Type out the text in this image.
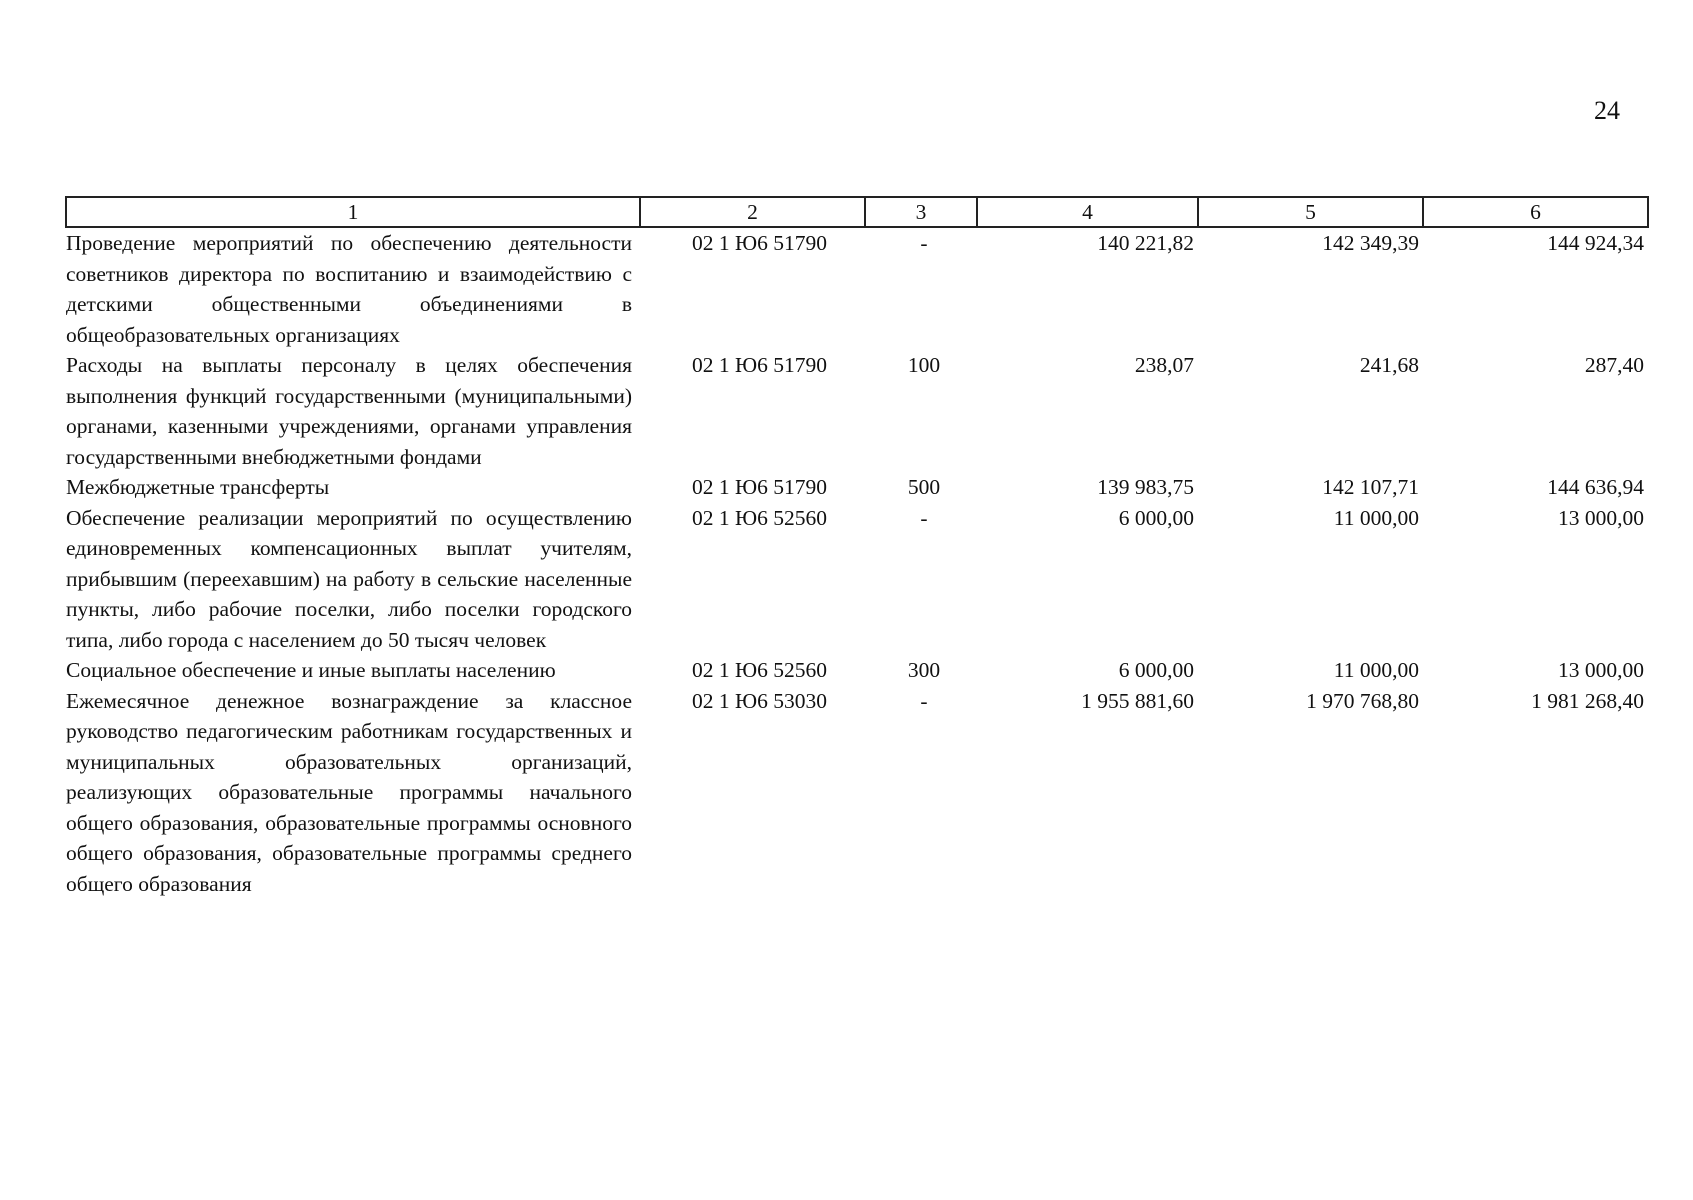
24
1	2	3	4	5	6
Проведение мероприятий по обеспечению деятельности советников директора по воспитанию и взаимодействию с детскими общественными объединениями в общеобразовательных организациях	02 1 Ю6 51790	-	140 221,82	142 349,39	144 924,34
Расходы на выплаты персоналу в целях обеспечения выполнения функций государственными (муниципальными) органами, казенными учреждениями, органами управления государственными внебюджетными фондами	02 1 Ю6 51790	100	238,07	241,68	287,40
Межбюджетные трансферты	02 1 Ю6 51790	500	139 983,75	142 107,71	144 636,94
Обеспечение реализации мероприятий по осуществлению единовременных компенсационных выплат учителям, прибывшим (переехавшим) на работу в сельские населенные пункты, либо рабочие поселки, либо поселки городского типа, либо города с населением до 50 тысяч человек	02 1 Ю6 52560	-	6 000,00	11 000,00	13 000,00
Социальное обеспечение и иные выплаты населению	02 1 Ю6 52560	300	6 000,00	11 000,00	13 000,00
Ежемесячное денежное вознаграждение за классное руководство педагогическим работникам государственных и муниципальных образовательных организаций, реализующих образовательные программы начального общего образования, образовательные программы основного общего образования, образовательные программы среднего общего образования	02 1 Ю6 53030	-	1 955 881,60	1 970 768,80	1 981 268,40
